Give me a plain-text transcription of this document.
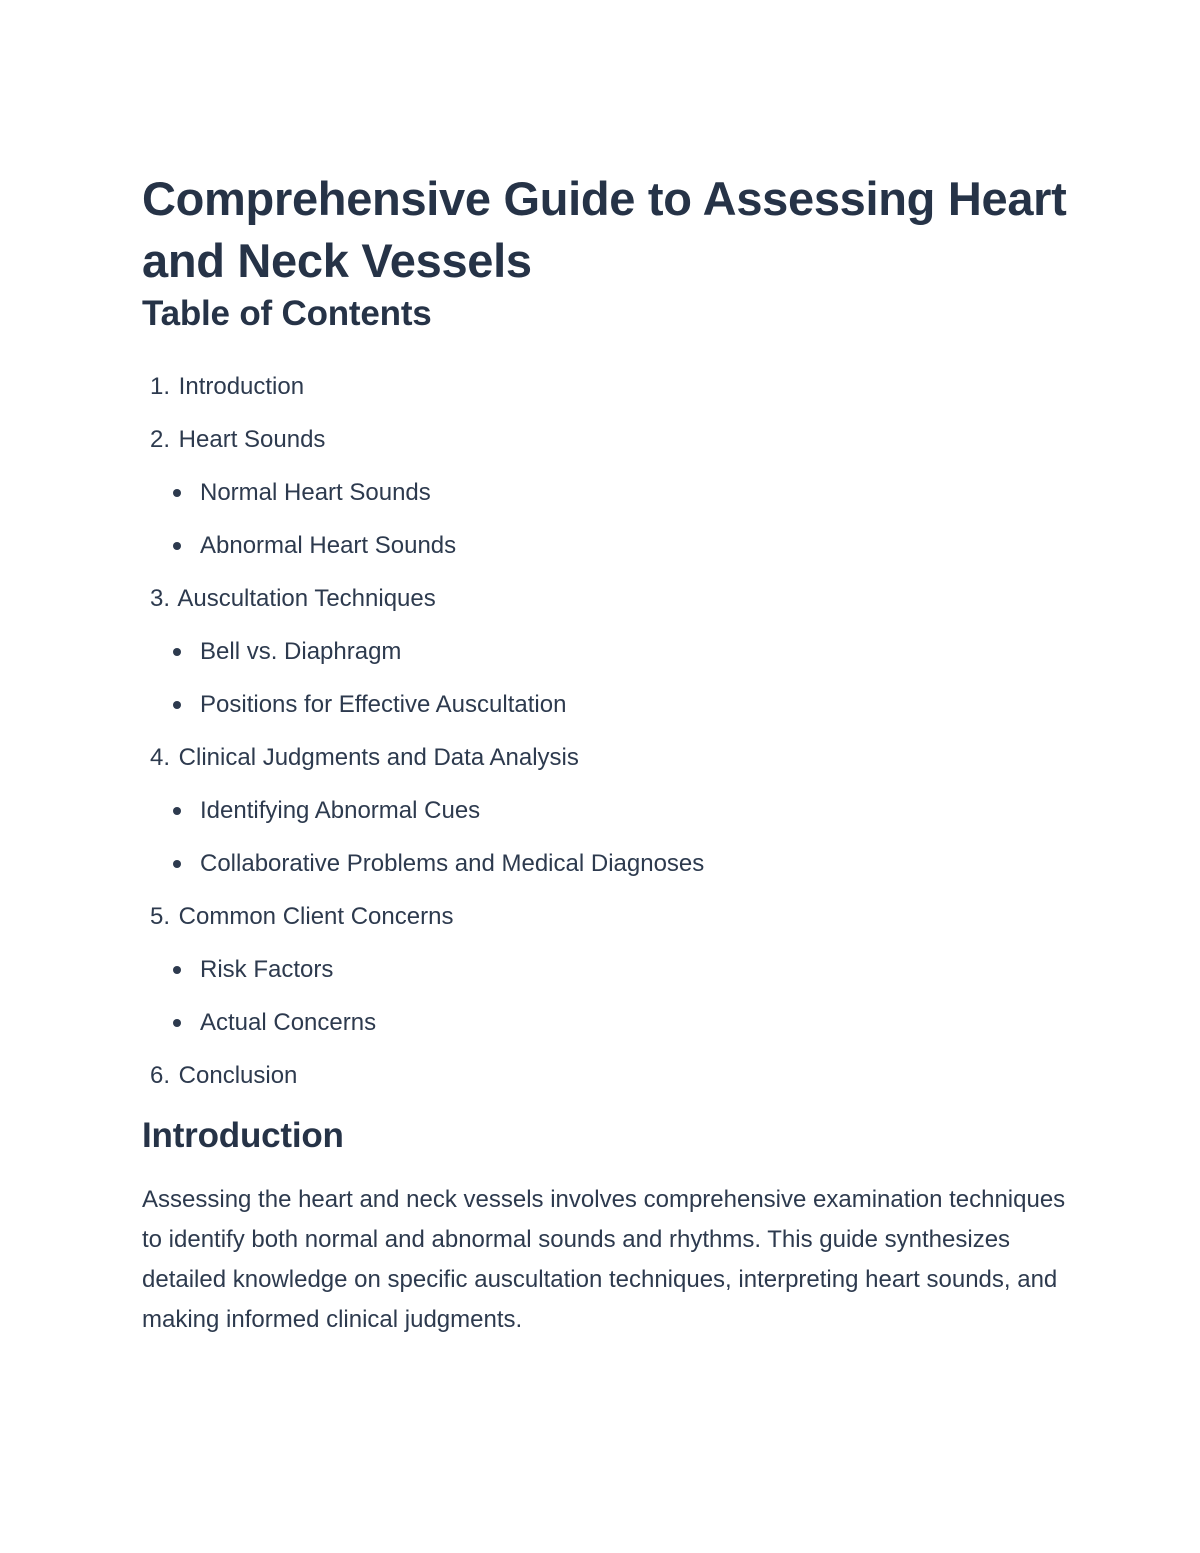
Comprehensive Guide to Assessing Heart and Neck Vessels
Table of Contents
1. Introduction
2. Heart Sounds
Normal Heart Sounds
Abnormal Heart Sounds
3. Auscultation Techniques
Bell vs. Diaphragm
Positions for Effective Auscultation
4. Clinical Judgments and Data Analysis
Identifying Abnormal Cues
Collaborative Problems and Medical Diagnoses
5. Common Client Concerns
Risk Factors
Actual Concerns
6. Conclusion
Introduction

Assessing the heart and neck vessels involves comprehensive examination techniques to identify both normal and abnormal sounds and rhythms. This guide synthesizes detailed knowledge on specific auscultation techniques, interpreting heart sounds, and making informed clinical judgments.
